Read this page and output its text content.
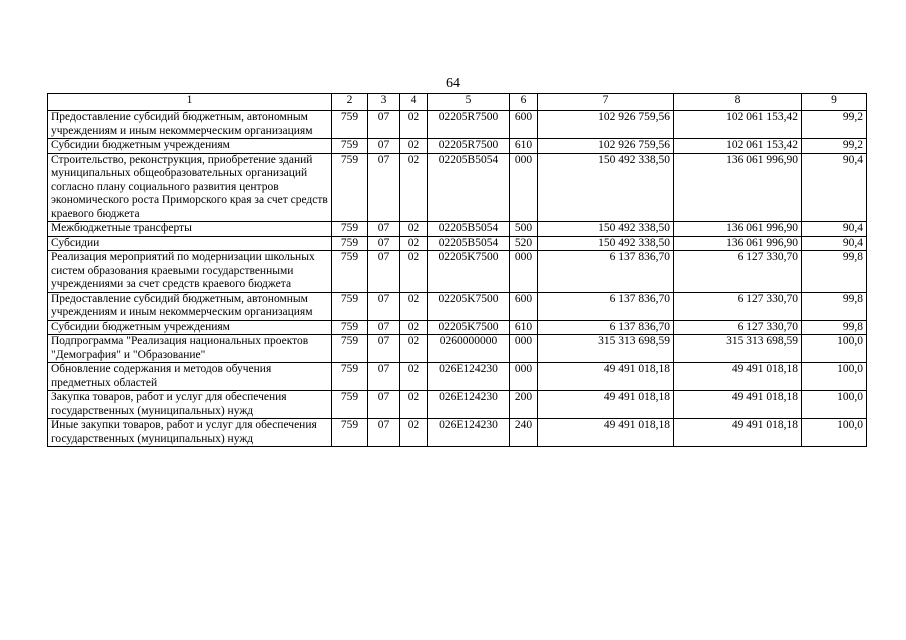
64
1	2	3	4	5	6	7	8	9
Предоставление субсидий бюджетным, автономным учреждениям и иным некоммерческим организациям	759	07	02	02205R7500	600	102 926 759,56	102 061 153,42	99,2
Субсидии бюджетным учреждениям	759	07	02	02205R7500	610	102 926 759,56	102 061 153,42	99,2
Строительство, реконструкция, приобретение зданий муниципальных общеобразовательных организаций согласно плану социального развития центров экономического роста Приморского края за счет средств краевого бюджета	759	07	02	02205B5054	000	150 492 338,50	136 061 996,90	90,4
Межбюджетные трансферты	759	07	02	02205B5054	500	150 492 338,50	136 061 996,90	90,4
Субсидии	759	07	02	02205B5054	520	150 492 338,50	136 061 996,90	90,4
Реализация мероприятий по модернизации школьных систем образования краевыми государственными учреждениями за счет средств краевого бюджета	759	07	02	02205K7500	000	6 137 836,70	6 127 330,70	99,8
Предоставление субсидий бюджетным, автономным учреждениям и иным некоммерческим организациям	759	07	02	02205K7500	600	6 137 836,70	6 127 330,70	99,8
Субсидии бюджетным учреждениям	759	07	02	02205K7500	610	6 137 836,70	6 127 330,70	99,8
Подпрограмма "Реализация национальных проектов "Демография" и "Образование"	759	07	02	0260000000	000	315 313 698,59	315 313 698,59	100,0
Обновление содержания и методов обучения предметных областей	759	07	02	026E124230	000	49 491 018,18	49 491 018,18	100,0
Закупка товаров, работ и услуг для обеспечения государственных (муниципальных) нужд	759	07	02	026E124230	200	49 491 018,18	49 491 018,18	100,0
Иные закупки товаров, работ и услуг для обеспечения государственных (муниципальных) нужд	759	07	02	026E124230	240	49 491 018,18	49 491 018,18	100,0
